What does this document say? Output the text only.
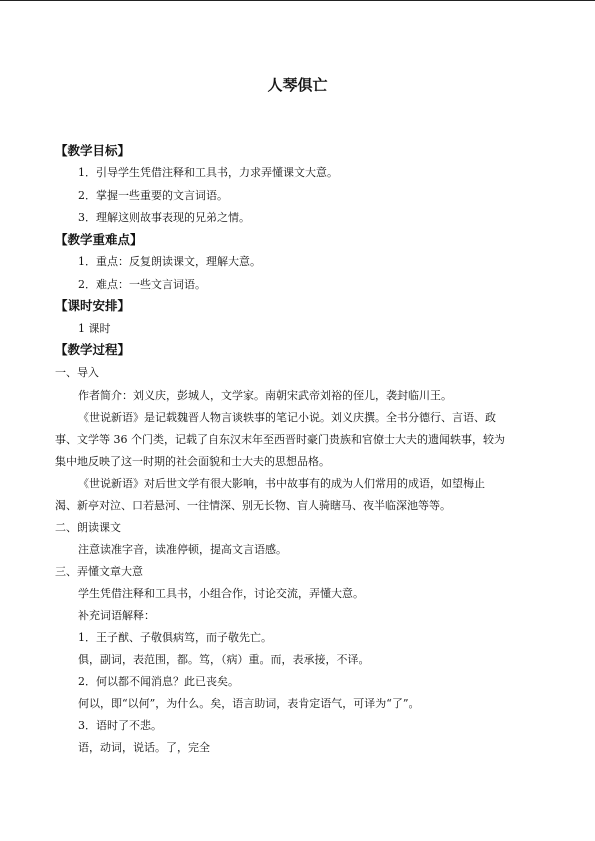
人琴俱亡
【教学目标】
1．引导学生凭借注释和工具书，力求弄懂课文大意。
2．掌握一些重要的文言词语。
3．理解这则故事表现的兄弟之情。
【教学重难点】
1．重点：反复朗读课文，理解大意。
2．难点：一些文言词语。
【课时安排】
1 课时
【教学过程】
一、导入
作者简介：刘义庆，彭城人，文学家。南朝宋武帝刘裕的侄儿，袭封临川王。
《世说新语》是记载魏晋人物言谈轶事的笔记小说。刘义庆撰。全书分德行、言语、政
事、文学等 36 个门类，记载了自东汉末年至西晋时豪门贵族和官僚士大夫的遗闻轶事，较为
集中地反映了这一时期的社会面貌和士大夫的思想品格。
《世说新语》对后世文学有很大影响，书中故事有的成为人们常用的成语，如望梅止
渴、新亭对泣、口若悬河、一往情深、别无长物、盲人骑瞎马、夜半临深池等等。
二、朗读课文
注意读准字音，读准停顿，提高文言语感。
三、弄懂文章大意
学生凭借注释和工具书，小组合作，讨论交流，弄懂大意。
补充词语解释：
1．王子猷、子敬俱病笃，而子敬先亡。
俱，副词，表范围，都。笃，（病）重。而，表承接，不译。
2．何以都不闻消息？此已丧矣。
何以，即“以何”，为什么。矣，语言助词，表肯定语气，可译为“了”。
3．语时了不悲。
语，动词，说话。了，完全
